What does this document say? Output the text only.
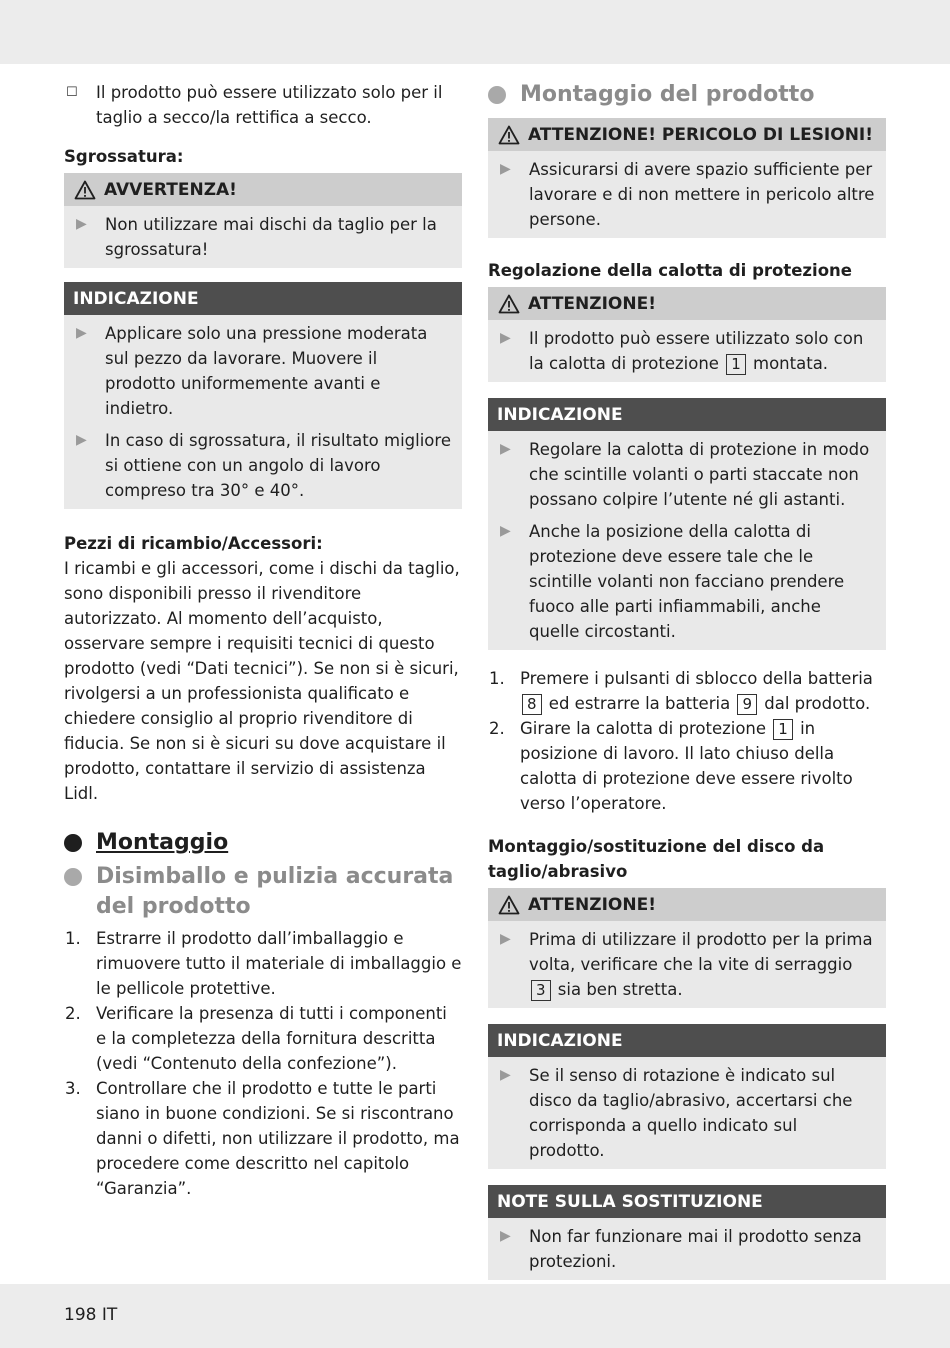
☐	Il prodotto può essere utilizzato solo per il taglio a secco/la rettifica a secco.
Sgrossatura:
AVVERTENZA!
▶	Non utilizzare mai dischi da taglio per la sgrossatura!
INDICAZIONE
▶	Applicare solo una pressione moderata sul pezzo da lavorare. Muovere il prodotto uniformemente avanti e indietro.
▶	In caso di sgrossatura, il risultato migliore si ottiene con un angolo di lavoro compreso tra 30° e 40°.
Pezzi di ricambio/Accessori:
I ricambi e gli accessori, come i dischi da taglio, sono disponibili presso il rivenditore autorizzato. Al momento dell’acquisto, osservare sempre i requisiti tecnici di questo prodotto (vedi “Dati tecnici”). Se non si è sicuri, rivolgersi a un professionista qualificato e chiedere consiglio al proprio rivenditore di fiducia. Se non si è sicuri su dove acquistare il prodotto, contattare il servizio di assistenza Lidl.
Montaggio
Disimballo e pulizia accurata del prodotto
1. Estrarre il prodotto dall’imballaggio e rimuovere tutto il materiale di imballaggio e le pellicole protettive.
2. Verificare la presenza di tutti i componenti e la completezza della fornitura descritta (vedi “Contenuto della confezione”).
3. Controllare che il prodotto e tutte le parti siano in buone condizioni. Se si riscontrano danni o difetti, non utilizzare il prodotto, ma procedere come descritto nel capitolo “Garanzia”.
Montaggio del prodotto
ATTENZIONE! PERICOLO DI LESIONI!
▶	Assicurarsi di avere spazio sufficiente per lavorare e di non mettere in pericolo altre persone.
Regolazione della calotta di protezione
ATTENZIONE!
▶	Il prodotto può essere utilizzato solo con la calotta di protezione 1 montata.
INDICAZIONE
▶	Regolare la calotta di protezione in modo che scintille volanti o parti staccate non possano colpire l’utente né gli astanti.
▶	Anche la posizione della calotta di protezione deve essere tale che le scintille volanti non facciano prendere fuoco alle parti infiammabili, anche quelle circostanti.
1. Premere i pulsanti di sblocco della batteria 8 ed estrarre la batteria 9 dal prodotto.
2. Girare la calotta di protezione 1 in posizione di lavoro. Il lato chiuso della calotta di protezione deve essere rivolto verso l’operatore.
Montaggio/sostituzione del disco da taglio/abrasivo
ATTENZIONE!
▶	Prima di utilizzare il prodotto per la prima volta, verificare che la vite di serraggio 3 sia ben stretta.
INDICAZIONE
▶	Se il senso di rotazione è indicato sul disco da taglio/abrasivo, accertarsi che corrisponda a quello indicato sul prodotto.
NOTE SULLA SOSTITUZIONE
▶	Non far funzionare mai il prodotto senza protezioni.
198 IT
